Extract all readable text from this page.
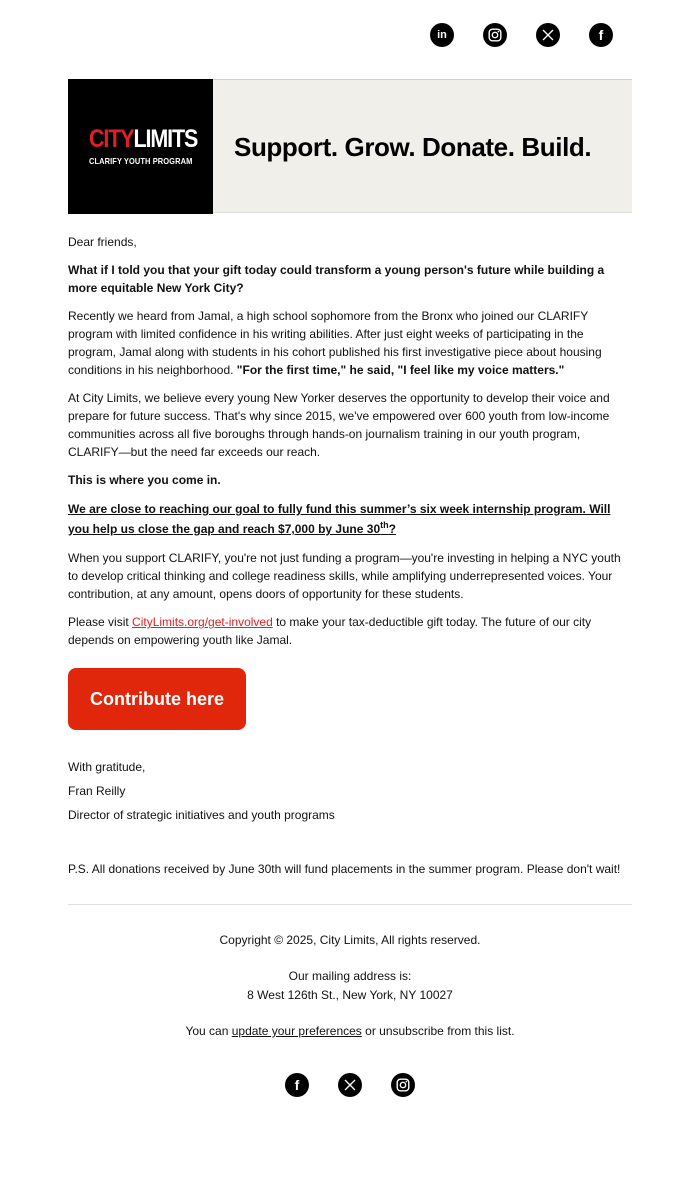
in	f
CITYLIMITS
CLARIFY YOUTH PROGRAM Support. Grow. Donate. Build.

Dear friends,

What if I told you that your gift today could transform a young person's future while building a more equitable New York City?

Recently we heard from Jamal, a high school sophomore from the Bronx who joined our CLARIFY program with limited confidence in his writing abilities. After just eight weeks of participating in the program, Jamal along with students in his cohort published his first investigative piece about housing conditions in his neighborhood. "For the first time," he said, "I feel like my voice matters."

At City Limits, we believe every young New Yorker deserves the opportunity to develop their voice and prepare for future success. That's why since 2015, we've empowered over 600 youth from low-income communities across all five boroughs through hands-on journalism training in our youth program, CLARIFY—but the need far exceeds our reach.

This is where you come in.

We are close to reaching our goal to fully fund this summer’s six week internship program. Will you help us close the gap and reach $7,000 by June 30th?

When you support CLARIFY, you're not just funding a program—you're investing in helping a NYC youth to develop critical thinking and college readiness skills, while amplifying underrepresented voices. Your contribution, at any amount, opens doors of opportunity for these students.

Please visit CityLimits.org/get-involved to make your tax-deductible gift today. The future of our city depends on empowering youth like Jamal.

Contribute here
With gratitude,
Fran Reilly
Director of strategic initiatives and youth programs
P.S. All donations received by June 30th will fund placements in the summer program. Please don't wait!

Copyright © 2025, City Limits, All rights reserved.

Our mailing address is:
8 West 126th St., New York, NY 10027

You can update your preferences or unsubscribe from this list.

f
